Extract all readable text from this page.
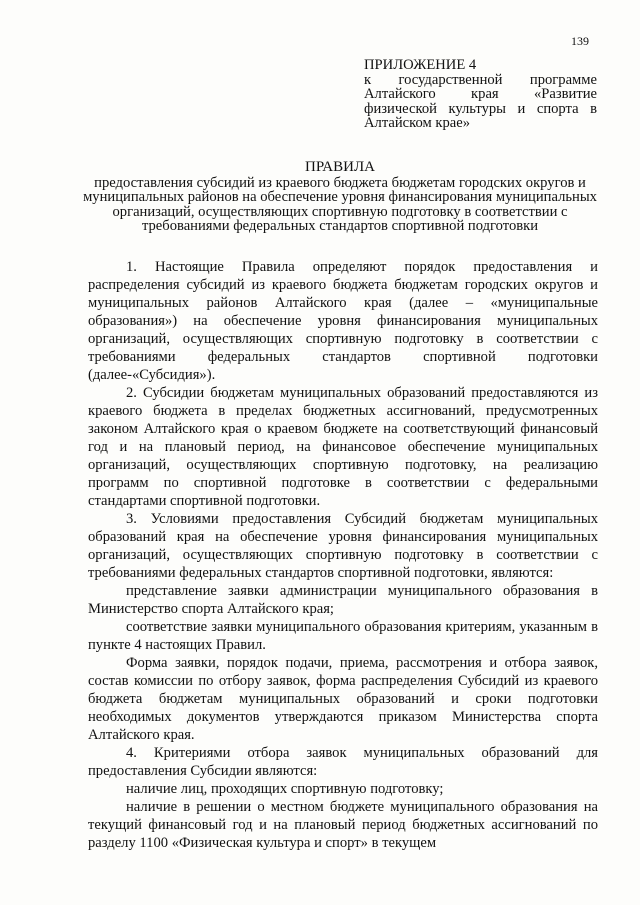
139
ПРИЛОЖЕНИЕ 4
к государственной программе Алтайского края «Развитие физической культуры и спорта в Алтайском крае»
ПРАВИЛА
предоставления субсидий из краевого бюджета бюджетам городских округов и муниципальных районов на обеспечение уровня финансирования муниципальных организаций, осуществляющих спортивную подготовку в соответствии с требованиями федеральных стандартов спортивной подготовки

1. Настоящие Правила определяют порядок предоставления и распределения субсидий из краевого бюджета бюджетам городских округов и муниципальных районов Алтайского края (далее – «муниципальные образования») на обеспечение уровня финансирования муниципальных организаций, осуществляющих спортивную подготовку в соответствии с требованиями федеральных стандартов спортивной подготовки (далее-«Субсидия»).

2. Субсидии бюджетам муниципальных образований предоставляются из краевого бюджета в пределах бюджетных ассигнований, предусмотренных законом Алтайского края о краевом бюджете на соответствующий финансовый год и на плановый период, на финансовое обеспечение муниципальных организаций, осуществляющих спортивную подготовку, на реализацию программ по спортивной подготовке в соответствии с федеральными стандартами спортивной подготовки.

3. Условиями предоставления Субсидий бюджетам муниципальных образований края на обеспечение уровня финансирования муниципальных организаций, осуществляющих спортивную подготовку в соответствии с требованиями федеральных стандартов спортивной подготовки, являются:

представление заявки администрации муниципального образования в Министерство спорта Алтайского края;

соответствие заявки муниципального образования критериям, указанным в пункте 4 настоящих Правил.

Форма заявки, порядок подачи, приема, рассмотрения и отбора заявок, состав комиссии по отбору заявок, форма распределения Субсидий из краевого бюджета бюджетам муниципальных образований и сроки подготовки необходимых документов утверждаются приказом Министерства спорта Алтайского края.

4. Критериями отбора заявок муниципальных образований для предоставления Субсидии являются:

наличие лиц, проходящих спортивную подготовку;

наличие в решении о местном бюджете муниципального образования на текущий финансовый год и на плановый период бюджетных ассигнований по разделу 1100 «Физическая культура и спорт» в текущем
